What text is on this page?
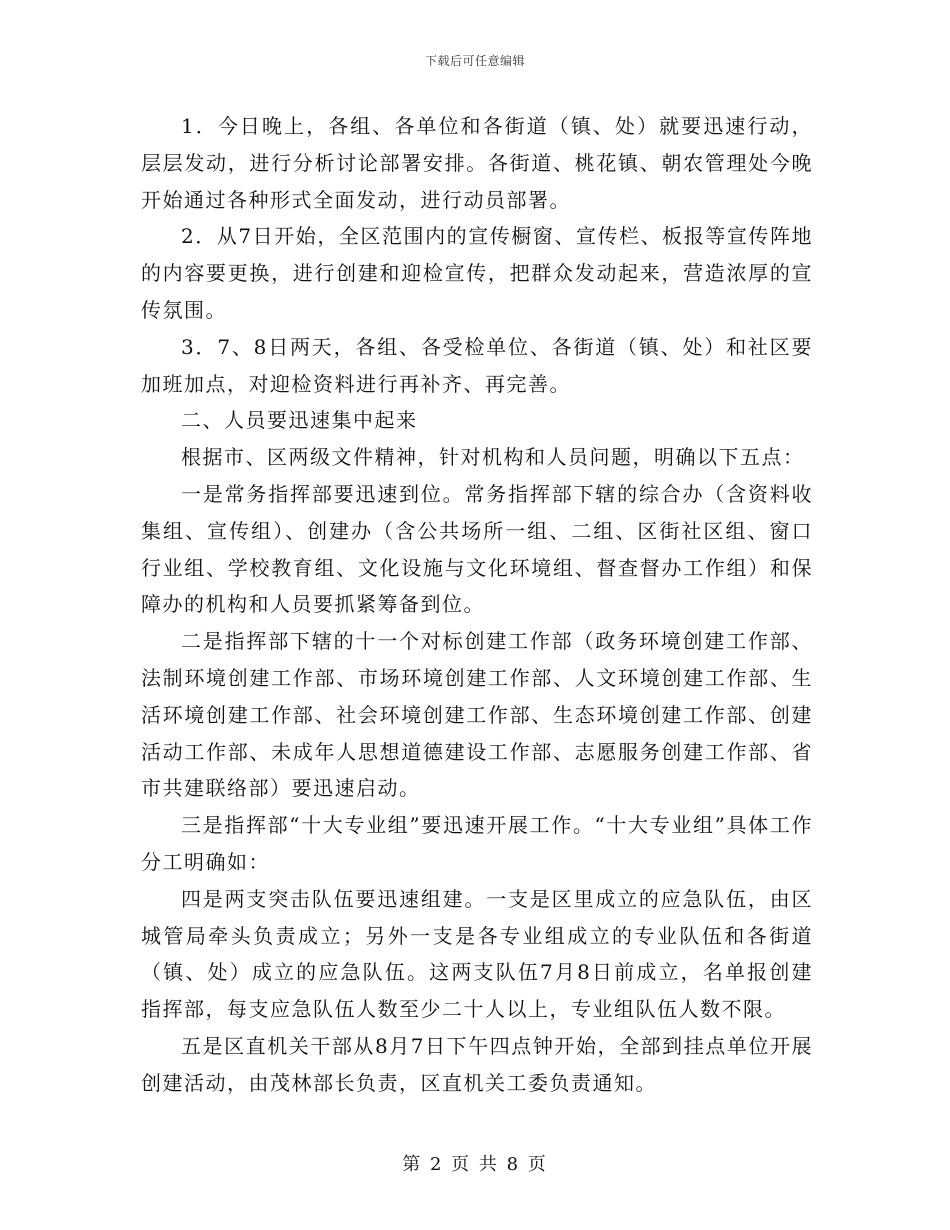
下载后可任意编辑

1．今日晚上，各组、各单位和各街道（镇、处）就要迅速行动，层层发动，进行分析讨论部署安排。各街道、桃花镇、朝农管理处今晚开始通过各种形式全面发动，进行动员部署。

2．从7日开始，全区范围内的宣传橱窗、宣传栏、板报等宣传阵地的内容要更换，进行创建和迎检宣传，把群众发动起来，营造浓厚的宣传氛围。

3．7、8日两天，各组、各受检单位、各街道（镇、处）和社区要加班加点，对迎检资料进行再补齐、再完善。

二、人员要迅速集中起来

根据市、区两级文件精神，针对机构和人员问题，明确以下五点：

一是常务指挥部要迅速到位。常务指挥部下辖的综合办（含资料收集组、宣传组）、创建办（含公共场所一组、二组、区街社区组、窗口行业组、学校教育组、文化设施与文化环境组、督查督办工作组）和保障办的机构和人员要抓紧筹备到位。

二是指挥部下辖的十一个对标创建工作部（政务环境创建工作部、法制环境创建工作部、市场环境创建工作部、人文环境创建工作部、生活环境创建工作部、社会环境创建工作部、生态环境创建工作部、创建活动工作部、未成年人思想道德建设工作部、志愿服务创建工作部、省市共建联络部）要迅速启动。

三是指挥部“十大专业组”要迅速开展工作。“十大专业组”具体工作分工明确如：

四是两支突击队伍要迅速组建。一支是区里成立的应急队伍，由区城管局牵头负责成立；另外一支是各专业组成立的专业队伍和各街道（镇、处）成立的应急队伍。这两支队伍7月8日前成立，名单报创建指挥部，每支应急队伍人数至少二十人以上，专业组队伍人数不限。

五是区直机关干部从8月7日下午四点钟开始，全部到挂点单位开展创建活动，由茂林部长负责，区直机关工委负责通知。

第 2 页 共 8 页
